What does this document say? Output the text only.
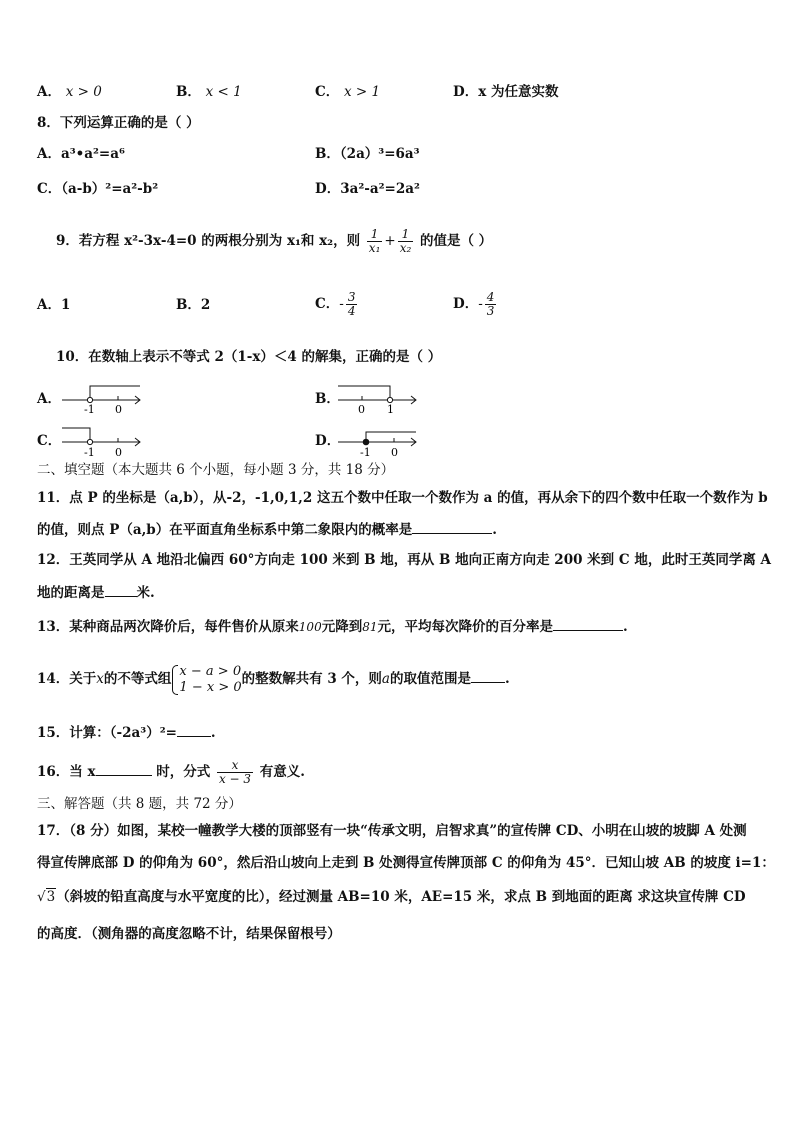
A． x > 0	B． x < 1	C． x > 1	D．x 为任意实数
8．下列运算正确的是（ ）
A．a³•a²=a⁶	B．（2a）³=6a³
C．（a-b）²=a²-b²	D．3a²-a²=2a²
9．若方程 x²-3x-4=0 的两根分别为 x₁和 x₂，则 $\frac{1}{\text{x₁}} + \frac{1}{\text{x₂}}$ 的值是（ ）
A．1	B．2	C．- $\frac{3}{4}$	D．- $\frac{4}{3}$
10．在数轴上表示不等式 2（1-x）＜4 的解集，正确的是（ ）
A．
-1 0
B．
0 1
C．
-1 0
D．
-1 0
二、填空题（本大题共 6 个小题，每小题 3 分，共 18 分）
11．点 P 的坐标是（a,b），从-2，-1,0,1,2 这五个数中任取一个数作为 a 的值，再从余下的四个数中任取一个数作为 b
的值，则点 P（a,b）在平面直角坐标系中第二象限内的概率是	.
12．王英同学从 A 地沿北偏西 60°方向走 100 米到 B 地，再从 B 地向正南方向走 200 米到 C 地，此时王英同学离 A
地的距离是 米.
13．某种商品两次降价后，每件售价从原来100元降到81元，平均每次降价的百分率是	.
14．关于x的不等式组 x − a > 0
1 − x > 0 的整数解共有 3 个，则a的取值范围是	.
15．计算：（-2a³）²=	.
16．当 x	时，分式 $\frac{x}{x - 3}$ 有意义.
三、解答题（共 8 题，共 72 分）
17．（8 分）如图，某校一幢教学大楼的顶部竖有一块“传承文明，启智求真”的宣传牌 CD、小明在山坡的坡脚 A 处测
得宣传牌底部 D 的仰角为 60°，然后沿山坡向上走到 B 处测得宣传牌顶部 C 的仰角为 45°．已知山坡 AB 的坡度 i=1：
√3（斜坡的铅直高度与水平宽度的比），经过测量 AB=10 米，AE=15 米，求点 B 到地面的距离 求这块宣传牌 CD
的高度．（测角器的高度忽略不计，结果保留根号）
